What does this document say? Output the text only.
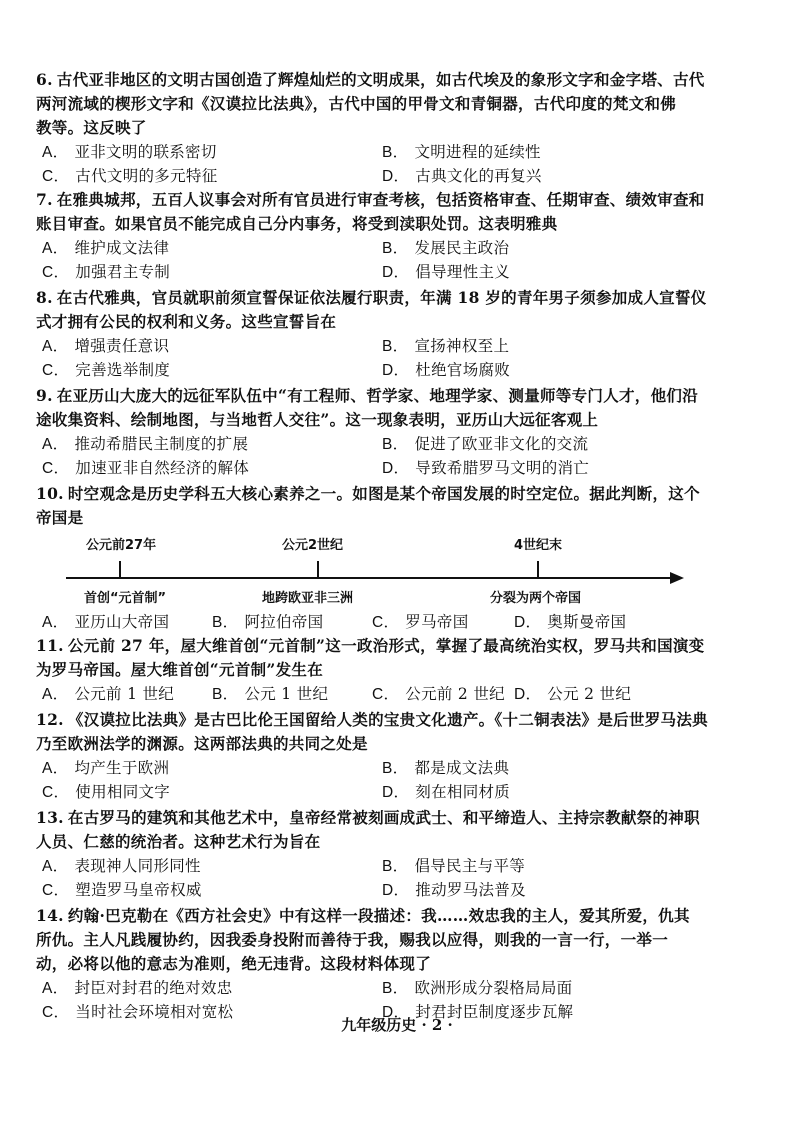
6. 古代亚非地区的文明古国创造了辉煌灿烂的文明成果，如古代埃及的象形文字和金字塔、古代
两河流域的楔形文字和《汉谟拉比法典》，古代中国的甲骨文和青铜器，古代印度的梵文和佛
教等。这反映了
A． 亚非文明的联系密切	B． 文明进程的延续性
C． 古代文明的多元特征	D． 古典文化的再复兴
7. 在雅典城邦，五百人议事会对所有官员进行审查考核，包括资格审查、任期审查、绩效审查和
账目审查。如果官员不能完成自己分内事务，将受到渎职处罚。这表明雅典
A． 维护成文法律	B． 发展民主政治
C． 加强君主专制	D． 倡导理性主义
8. 在古代雅典，官员就职前须宣誓保证依法履行职责，年满 18 岁的青年男子须参加成人宣誓仪
式才拥有公民的权利和义务。这些宣誓旨在
A． 增强责任意识	B． 宣扬神权至上
C． 完善选举制度	D． 杜绝官场腐败
9. 在亚历山大庞大的远征军队伍中“有工程师、哲学家、地理学家、测量师等专门人才，他们沿
途收集资料、绘制地图，与当地哲人交往”。这一现象表明，亚历山大远征客观上
A． 推动希腊民主制度的扩展	B． 促进了欧亚非文化的交流
C． 加速亚非自然经济的解体	D． 导致希腊罗马文明的消亡
10. 时空观念是历史学科五大核心素养之一。如图是某个帝国发展的时空定位。据此判断，这个
帝国是
公元前27年	公元2世纪	4世纪末
首创“元首制”	地跨欧亚非三洲	分裂为两个帝国
A． 亚历山大帝国	B． 阿拉伯帝国	C． 罗马帝国	D． 奥斯曼帝国
11. 公元前 27 年，屋大维首创“元首制”这一政治形式，掌握了最高统治实权，罗马共和国演变
为罗马帝国。屋大维首创“元首制”发生在
A． 公元前 1 世纪 B． 公元 1 世纪	C． 公元前 2 世纪 D． 公元 2 世纪
12. 《汉谟拉比法典》是古巴比伦王国留给人类的宝贵文化遗产。《十二铜表法》是后世罗马法典
乃至欧洲法学的渊源。这两部法典的共同之处是
A． 均产生于欧洲	B． 都是成文法典
C． 使用相同文字	D． 刻在相同材质
13. 在古罗马的建筑和其他艺术中，皇帝经常被刻画成武士、和平缔造人、主持宗教献祭的神职
人员、仁慈的统治者。这种艺术行为旨在
A． 表现神人同形同性	B． 倡导民主与平等
C． 塑造罗马皇帝权威	D． 推动罗马法普及
14. 约翰·巴克勒在《西方社会史》中有这样一段描述：我……效忠我的主人，爱其所爱，仇其
所仇。主人凡践履协约，因我委身投附而善待于我，赐我以应得，则我的一言一行，一举一
动，必将以他的意志为准则，绝无违背。这段材料体现了
A． 封臣对封君的绝对效忠	B． 欧洲形成分裂格局局面
C． 当时社会环境相对宽松	D． 封君封臣制度逐步瓦解
九年级历史 · 2 ·
